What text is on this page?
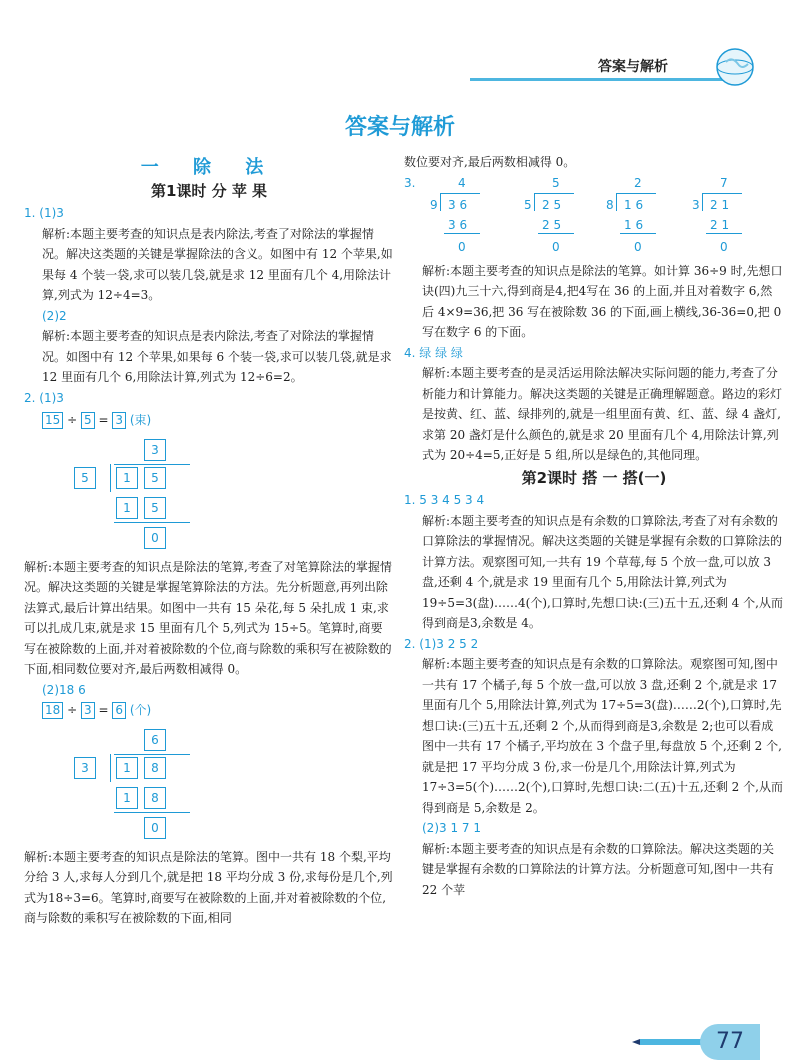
答案与解析
答案与解析
一 除 法
第1课时 分 苹 果
1. (1)3
解析:本题主要考查的知识点是表内除法,考查了对除法的掌握情况。解决这类题的关键是掌握除法的含义。如图中有 12 个苹果,如果每 4 个装一袋,求可以装几袋,就是求 12 里面有几个 4,用除法计算,列式为 12÷4=3。
(2)2
解析:本题主要考查的知识点是表内除法,考查了对除法的掌握情况。如图中有 12 个苹果,如果每 6 个装一袋,求可以装几袋,就是求 12 里面有几个 6,用除法计算,列式为 12÷6=2。
2. (1)3
15 ÷ 5 = 3 (束)
3
5	1	5
1	5
0
解析:本题主要考查的知识点是除法的笔算,考查了对笔算除法的掌握情况。解决这类题的关键是掌握笔算除法的方法。先分析题意,再列出除法算式,最后计算出结果。如图中一共有 15 朵花,每 5 朵扎成 1 束,求可以扎成几束,就是求 15 里面有几个 5,列式为 15÷5。笔算时,商要写在被除数的上面,并对着被除数的个位,商与除数的乘积写在被除数的下面,相同数位要对齐,最后两数相减得 0。
(2)18 6
18 ÷ 3 = 6 (个)
6
3	1	8
1	8
0
解析:本题主要考查的知识点是除法的笔算。图中一共有 18 个梨,平均分给 3 人,求每人分到几个,就是把 18 平均分成 3 份,求每份是几个,列式为18÷3=6。笔算时,商要写在被除数的上面,并对着被除数的个位,商与除数的乘积写在被除数的下面,相同
数位要对齐,最后两数相减得 0。
3.	4
9 3 6
3 6
0
5
5 2 5
2 5
0
2
8 1 6
1 6
0
7
3 2 1
2 1
0
解析:本题主要考查的知识点是除法的笔算。如计算 36÷9 时,先想口诀(四)九三十六,得到商是4,把4写在 36 的上面,并且对着数字 6,然后 4×9=36,把 36 写在被除数 36 的下面,画上横线,36-36=0,把 0 写在数字 6 的下面。
4. 绿 绿 绿
解析:本题主要考查的是灵活运用除法解决实际问题的能力,考查了分析能力和计算能力。解决这类题的关键是正确理解题意。路边的彩灯是按黄、红、蓝、绿排列的,就是一组里面有黄、红、蓝、绿 4 盏灯,求第 20 盏灯是什么颜色的,就是求 20 里面有几个 4,用除法计算,列式为 20÷4=5,正好是 5 组,所以是绿色的,其他同理。
第2课时 搭 一 搭(一)
1. 5 3 4 5 3 4
解析:本题主要考查的知识点是有余数的口算除法,考查了对有余数的口算除法的掌握情况。解决这类题的关键是掌握有余数的口算除法的计算方法。观察图可知,一共有 19 个草莓,每 5 个放一盘,可以放 3 盘,还剩 4 个,就是求 19 里面有几个 5,用除法计算,列式为 19÷5=3(盘)……4(个),口算时,先想口诀:(三)五十五,还剩 4 个,从而得到商是3,余数是 4。
2. (1)3 2 5 2
解析:本题主要考查的知识点是有余数的口算除法。观察图可知,图中一共有 17 个橘子,每 5 个放一盘,可以放 3 盘,还剩 2 个,就是求 17 里面有几个 5,用除法计算,列式为 17÷5=3(盘)……2(个),口算时,先想口诀:(三)五十五,还剩 2 个,从而得到商是3,余数是 2;也可以看成图中一共有 17 个橘子,平均放在 3 个盘子里,每盘放 5 个,还剩 2 个,就是把 17 平均分成 3 份,求一份是几个,用除法计算,列式为 17÷3=5(个)……2(个),口算时,先想口诀:二(五)十五,还剩 2 个,从而得到商是 5,余数是 2。
(2)3 1 7 1
解析:本题主要考查的知识点是有余数的口算除法。解决这类题的关键是掌握有余数的口算除法的计算方法。分析题意可知,图中一共有 22 个苹
77
